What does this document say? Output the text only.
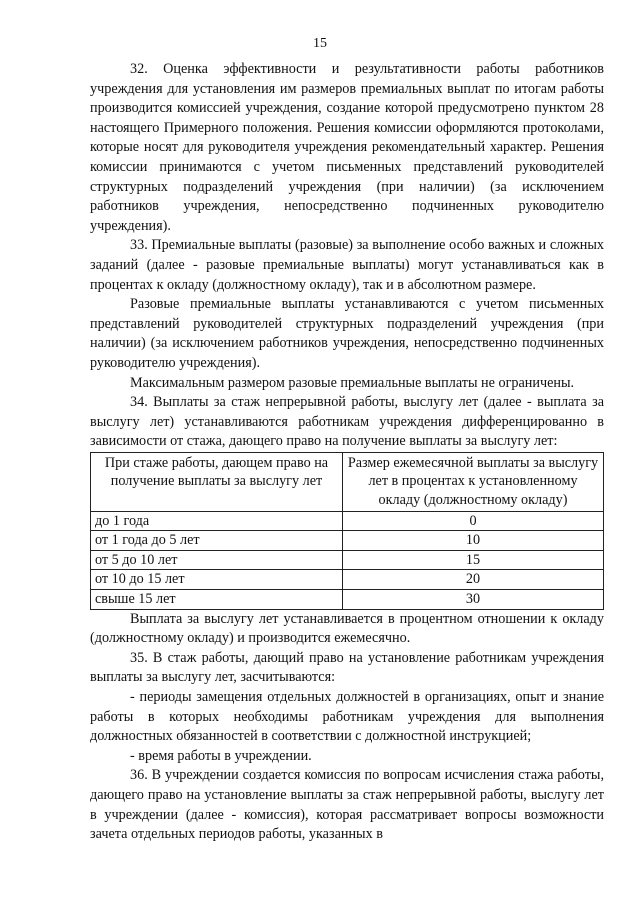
15

32. Оценка эффективности и результативности работы работников учреждения для установления им размеров премиальных выплат по итогам работы производится комиссией учреждения, создание которой предусмотрено пунктом 28 настоящего Примерного положения. Решения комиссии оформляются протоколами, которые носят для руководителя учреждения рекомендательный характер. Решения комиссии принимаются с учетом письменных представлений руководителей структурных подразделений учреждения (при наличии) (за исключением работников учреждения, непосредственно подчиненных руководителю учреждения).

33. Премиальные выплаты (разовые) за выполнение особо важных и сложных заданий (далее - разовые премиальные выплаты) могут устанавливаться как в процентах к окладу (должностному окладу), так и в абсолютном размере.

Разовые премиальные выплаты устанавливаются с учетом письменных представлений руководителей структурных подразделений учреждения (при наличии) (за исключением работников учреждения, непосредственно подчиненных руководителю учреждения).

Максимальным размером разовые премиальные выплаты не ограничены.

34. Выплаты за стаж непрерывной работы, выслугу лет (далее - выплата за выслугу лет) устанавливаются работникам учреждения дифференцированно в зависимости от стажа, дающего право на получение выплаты за выслугу лет:

При стаже работы, дающем право на получение выплаты за выслугу лет	Размер ежемесячной выплаты за выслугу лет в процентах к установленному окладу (должностному окладу)
до 1 года	0
от 1 года до 5 лет	10
от 5 до 10 лет	15
от 10 до 15 лет	20
свыше 15 лет	30

Выплата за выслугу лет устанавливается в процентном отношении к окладу (должностному окладу) и производится ежемесячно.

35. В стаж работы, дающий право на установление работникам учреждения выплаты за выслугу лет, засчитываются:

- периоды замещения отдельных должностей в организациях, опыт и знание работы в которых необходимы работникам учреждения для выполнения должностных обязанностей в соответствии с должностной инструкцией;

- время работы в учреждении.

36. В учреждении создается комиссия по вопросам исчисления стажа работы, дающего право на установление выплаты за стаж непрерывной работы, выслугу лет в учреждении (далее - комиссия), которая рассматривает вопросы возможности зачета отдельных периодов работы, указанных в
